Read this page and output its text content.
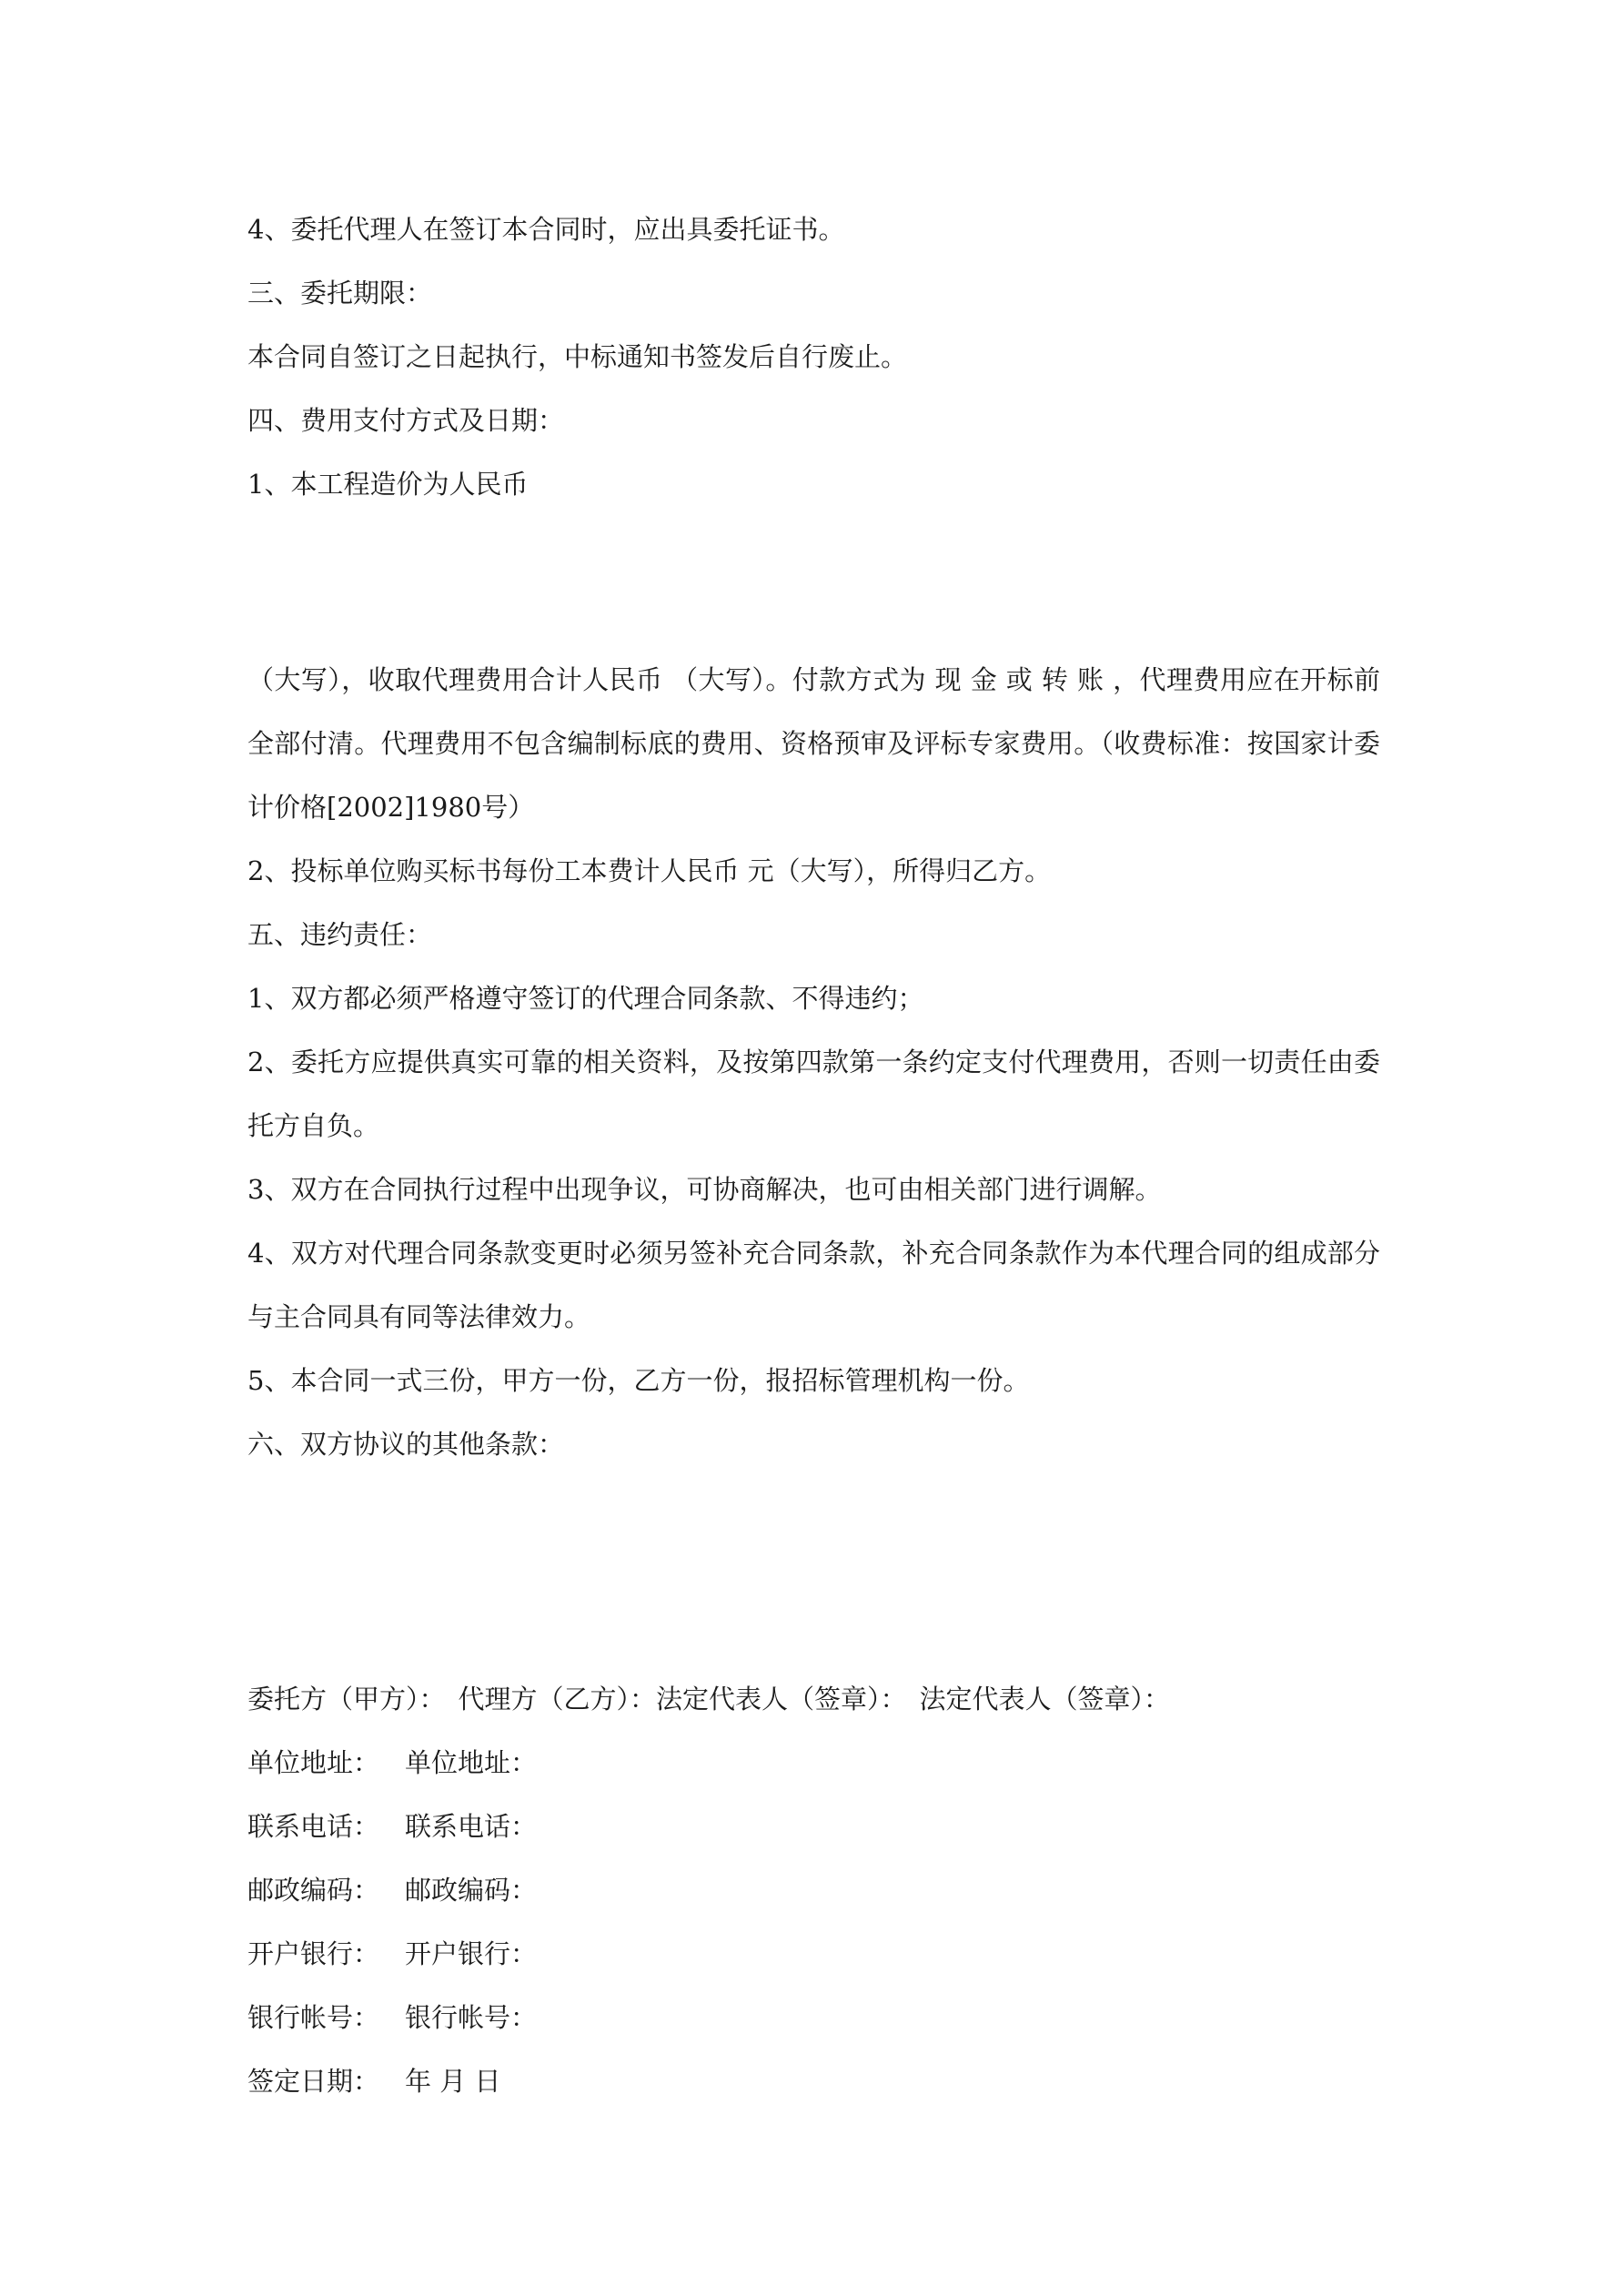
4、委托代理人在签订本合同时，应出具委托证书。

三、委托期限：

本合同自签订之日起执行，中标通知书签发后自行废止。

四、费用支付方式及日期：

1、本工程造价为人民币

（大写），收取代理费用合计人民币 （大写）。付款方式为 现 金 或 转 账 ，代理费用应在开标前全部付清。代理费用不包含编制标底的费用、资格预审及评标专家费用。（收费标准：按国家计委计价格[2002]1980号）

2、投标单位购买标书每份工本费计人民币 元（大写），所得归乙方。

五、违约责任：

1、双方都必须严格遵守签订的代理合同条款、不得违约；

2、委托方应提供真实可靠的相关资料，及按第四款第一条约定支付代理费用，否则一切责任由委托方自负。

3、双方在合同执行过程中出现争议，可协商解决，也可由相关部门进行调解。

4、双方对代理合同条款变更时必须另签补充合同条款，补充合同条款作为本代理合同的组成部分与主合同具有同等法律效力。

5、本合同一式三份，甲方一份，乙方一份，报招标管理机构一份。

六、双方协议的其他条款：

委托方（甲方）： 代理方（乙方）：法定代表人（签章）： 法定代表人（签章）：

单位地址： 单位地址：

联系电话： 联系电话：

邮政编码： 邮政编码：

开户银行： 开户银行：

银行帐号： 银行帐号：

签定日期： 年 月 日
